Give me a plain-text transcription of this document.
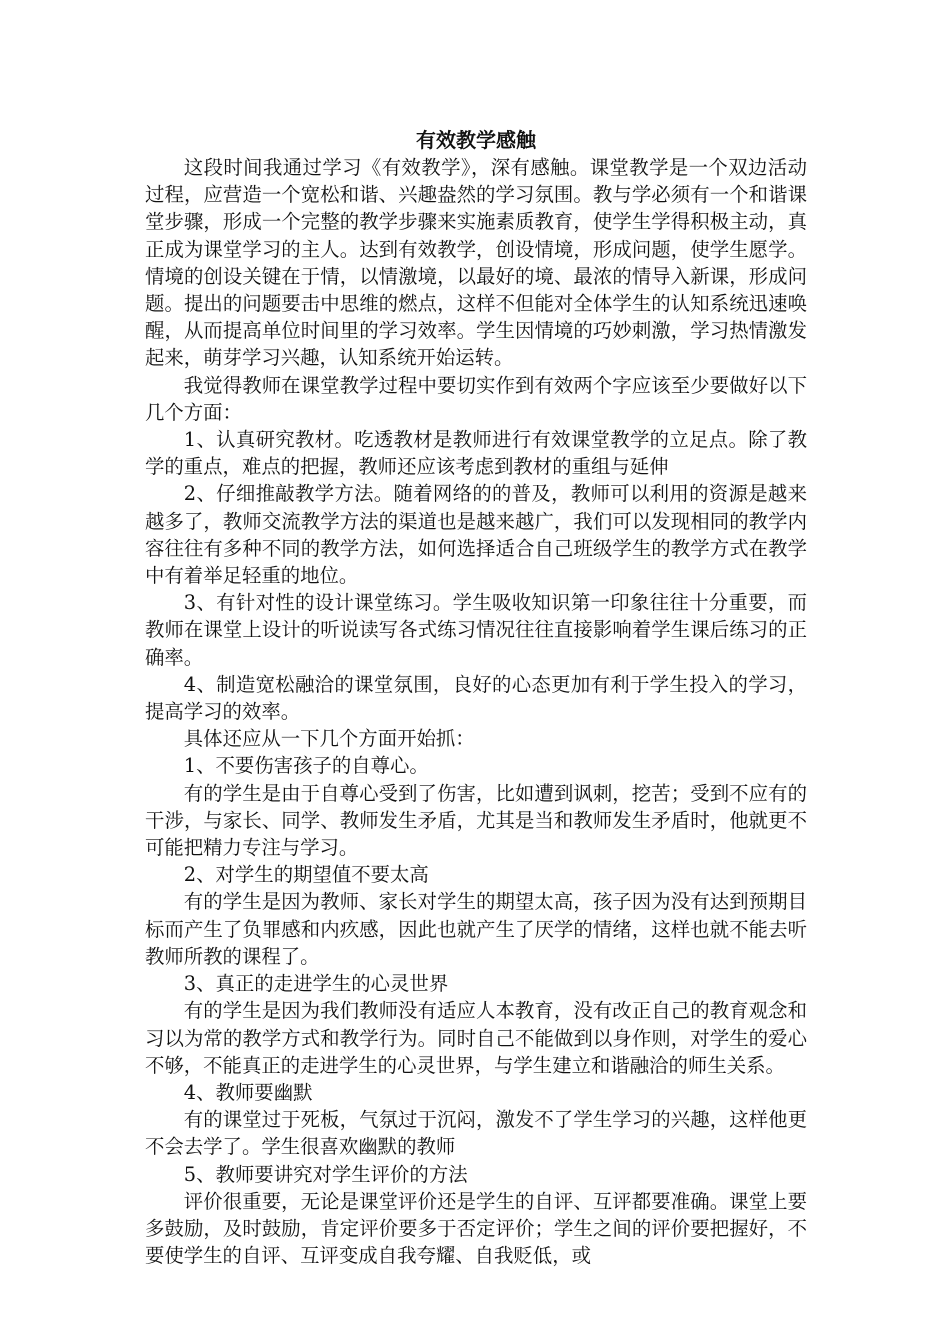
有效教学感触

这段时间我通过学习《有效教学》，深有感触。课堂教学是一个双边活动过程，应营造一个宽松和谐、兴趣盎然的学习氛围。教与学必须有一个和谐课堂步骤，形成一个完整的教学步骤来实施素质教育，使学生学得积极主动，真正成为课堂学习的主人。达到有效教学，创设情境，形成问题，使学生愿学。情境的创设关键在于情，以情激境，以最好的境、最浓的情导入新课，形成问题。提出的问题要击中思维的燃点，这样不但能对全体学生的认知系统迅速唤醒，从而提高单位时间里的学习效率。学生因情境的巧妙刺激，学习热情激发起来，萌芽学习兴趣，认知系统开始运转。

我觉得教师在课堂教学过程中要切实作到有效两个字应该至少要做好以下几个方面：

1、认真研究教材。吃透教材是教师进行有效课堂教学的立足点。除了教学的重点，难点的把握，教师还应该考虑到教材的重组与延伸

2、仔细推敲教学方法。随着网络的的普及，教师可以利用的资源是越来越多了，教师交流教学方法的渠道也是越来越广，我们可以发现相同的教学内容往往有多种不同的教学方法，如何选择适合自己班级学生的教学方式在教学中有着举足轻重的地位。

3、有针对性的设计课堂练习。学生吸收知识第一印象往往十分重要，而教师在课堂上设计的听说读写各式练习情况往往直接影响着学生课后练习的正确率。

4、制造宽松融洽的课堂氛围，良好的心态更加有利于学生投入的学习，提高学习的效率。

具体还应从一下几个方面开始抓：

1、不要伤害孩子的自尊心。

有的学生是由于自尊心受到了伤害，比如遭到讽刺，挖苦；受到不应有的干涉，与家长、同学、教师发生矛盾，尤其是当和教师发生矛盾时，他就更不可能把精力专注与学习。

2、对学生的期望值不要太高

有的学生是因为教师、家长对学生的期望太高，孩子因为没有达到预期目标而产生了负罪感和内疚感，因此也就产生了厌学的情绪，这样也就不能去听教师所教的课程了。

3、真正的走进学生的心灵世界

有的学生是因为我们教师没有适应人本教育，没有改正自己的教育观念和习以为常的教学方式和教学行为。同时自己不能做到以身作则，对学生的爱心不够，不能真正的走进学生的心灵世界，与学生建立和谐融洽的师生关系。

4、教师要幽默

有的课堂过于死板，气氛过于沉闷，激发不了学生学习的兴趣，这样他更不会去学了。学生很喜欢幽默的教师

5、教师要讲究对学生评价的方法

评价很重要，无论是课堂评价还是学生的自评、互评都要准确。课堂上要多鼓励，及时鼓励，肯定评价要多于否定评价；学生之间的评价要把握好，不要使学生的自评、互评变成自我夸耀、自我贬低，或
